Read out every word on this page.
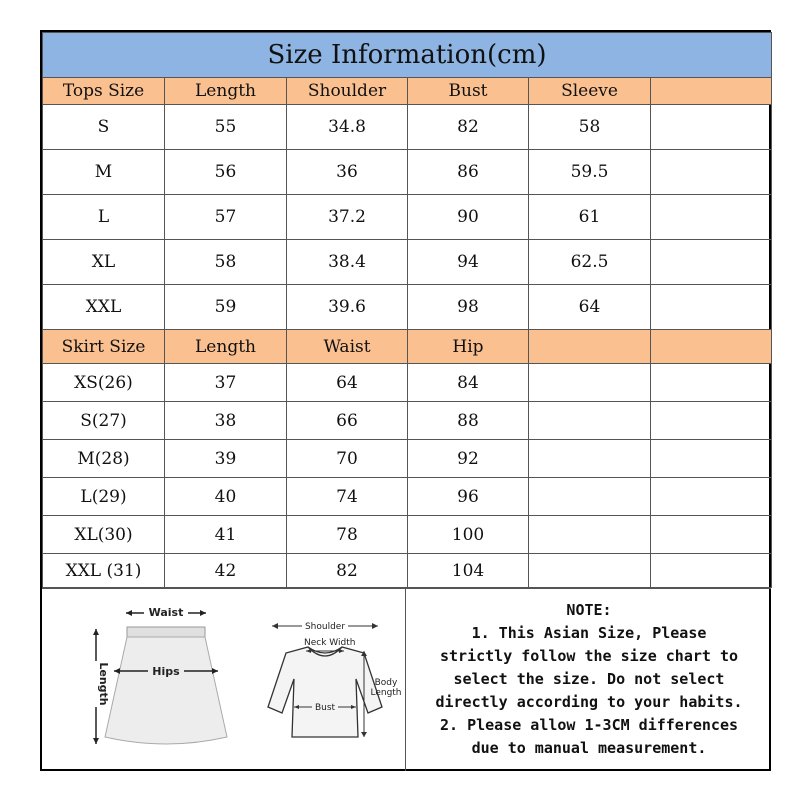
Size Information(cm)					
Tops Size	Length	Shoulder	Bust	Sleeve	
S	55	34.8	82	58	
M	56	36	86	59.5	
L	57	37.2	90	61	
XL	58	38.4	94	62.5	
XXL	59	39.6	98	64	
Skirt Size	Length	Waist	Hip		
XS(26)	37	64	84		
S(27)	38	66	88		
M(28)	39	70	92		
L(29)	40	74	96		
XL(30)	41	78	100		
XXL (31)	42	82	104		
Waist
Hips
Length
Shoulder
Neck Width
Bust
Body
Length
NOTE:
1. This Asian Size, Please
strictly follow the size chart to
select the size. Do not select
directly according to your habits.
2. Please allow 1-3CM differences
due to manual measurement.
